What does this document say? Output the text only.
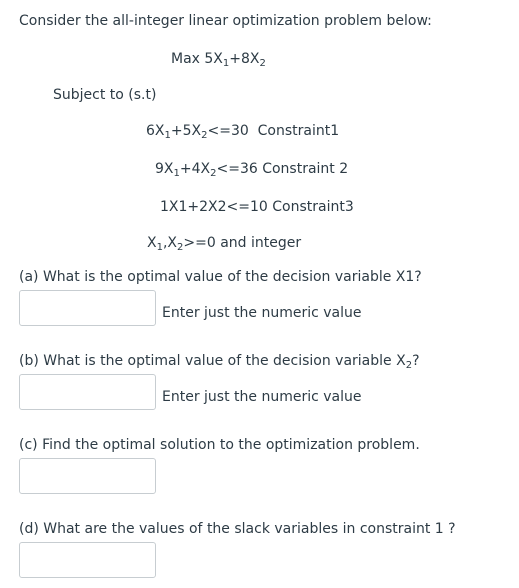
Consider the all-integer linear optimization problem below:
Max $5X_1+8X_2$
Subject to (s.t)
$6X_1+5X_2<=30$  Constraint1
$9X_1+4X_2<=36$ Constraint 2
1X1+2X2<=10 Constraint3
$X_1,X_2>=0$ and integer
(a) What is the optimal value of the decision variable X1?
Enter just the numeric value
(b) What is the optimal value of the decision variable $X_2$?
Enter just the numeric value
(c) Find the optimal solution to the optimization problem.
(d) What are the values of the slack variables in constraint 1 ?
